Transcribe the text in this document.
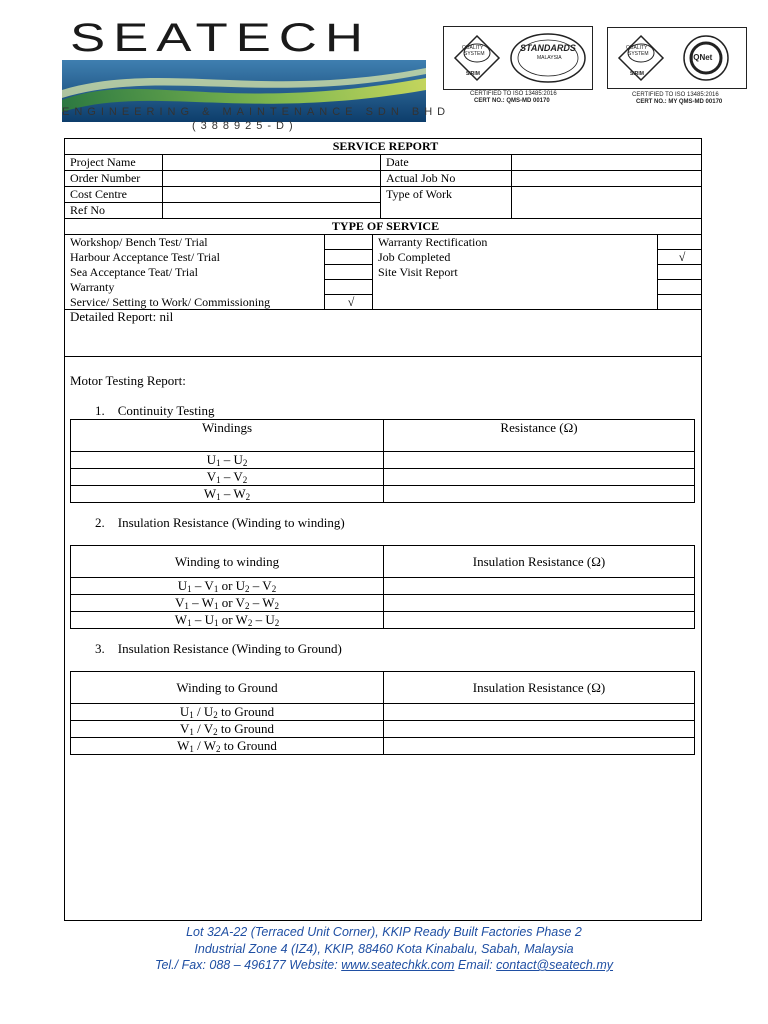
SEATECH
ENGINEERING & MAINTENANCE SDN BHD
(388925-D)
QUALITY
SYSTEM
SIRIM
STANDARDS
MALAYSIA
CERTIFIED TO ISO 13485:2016
CERT NO.: QMS-MD 00170
QUALITY
SYSTEM
SIRIM
IQNet
CERTIFIED TO ISO 13485:2016
CERT NO.: MY QMS-MD 00170
SERVICE REPORT			
Project Name		Date	
Order Number		Actual Job No	
Cost Centre		Type of Work	
Ref No			
TYPE OF SERVICE			
Workshop/ Bench Test/ Trial		Warranty Rectification	
Harbour Acceptance Test/ Trial		Job Completed	√
Sea Acceptance Teat/ Trial		Site Visit Report	
Warranty			
Service/ Setting to Work/ Commissioning	√		
Detailed Report: nil			
Motor Testing Report:
1.    Continuity Testing
Windings	Resistance (Ω)
$U_1 - U_2$	
$V_1 - V_2$	
$W_1 - W_2$	
2.    Insulation Resistance (Winding to winding)
Winding to winding	Insulation Resistance (Ω)
$U_1 - V_1$ or $U_2 - V_2$	
$V_1 - W_1$ or $V_2 - W_2$	
$W_1 - U_1$ or $W_2 - U_2$	
3.    Insulation Resistance (Winding to Ground)
Winding to Ground	Insulation Resistance (Ω)
$U_1 / U_2$ to Ground	
$V_1 / V_2$ to Ground	
$W_1 / W_2$ to Ground	
Lot 32A-22 (Terraced Unit Corner), KKIP Ready Built Factories Phase 2
Industrial Zone 4 (IZ4), KKIP, 88460 Kota Kinabalu, Sabah, Malaysia
Tel./ Fax: 088 – 496177 Website: www.seatechkk.com Email: contact@seatech.my
